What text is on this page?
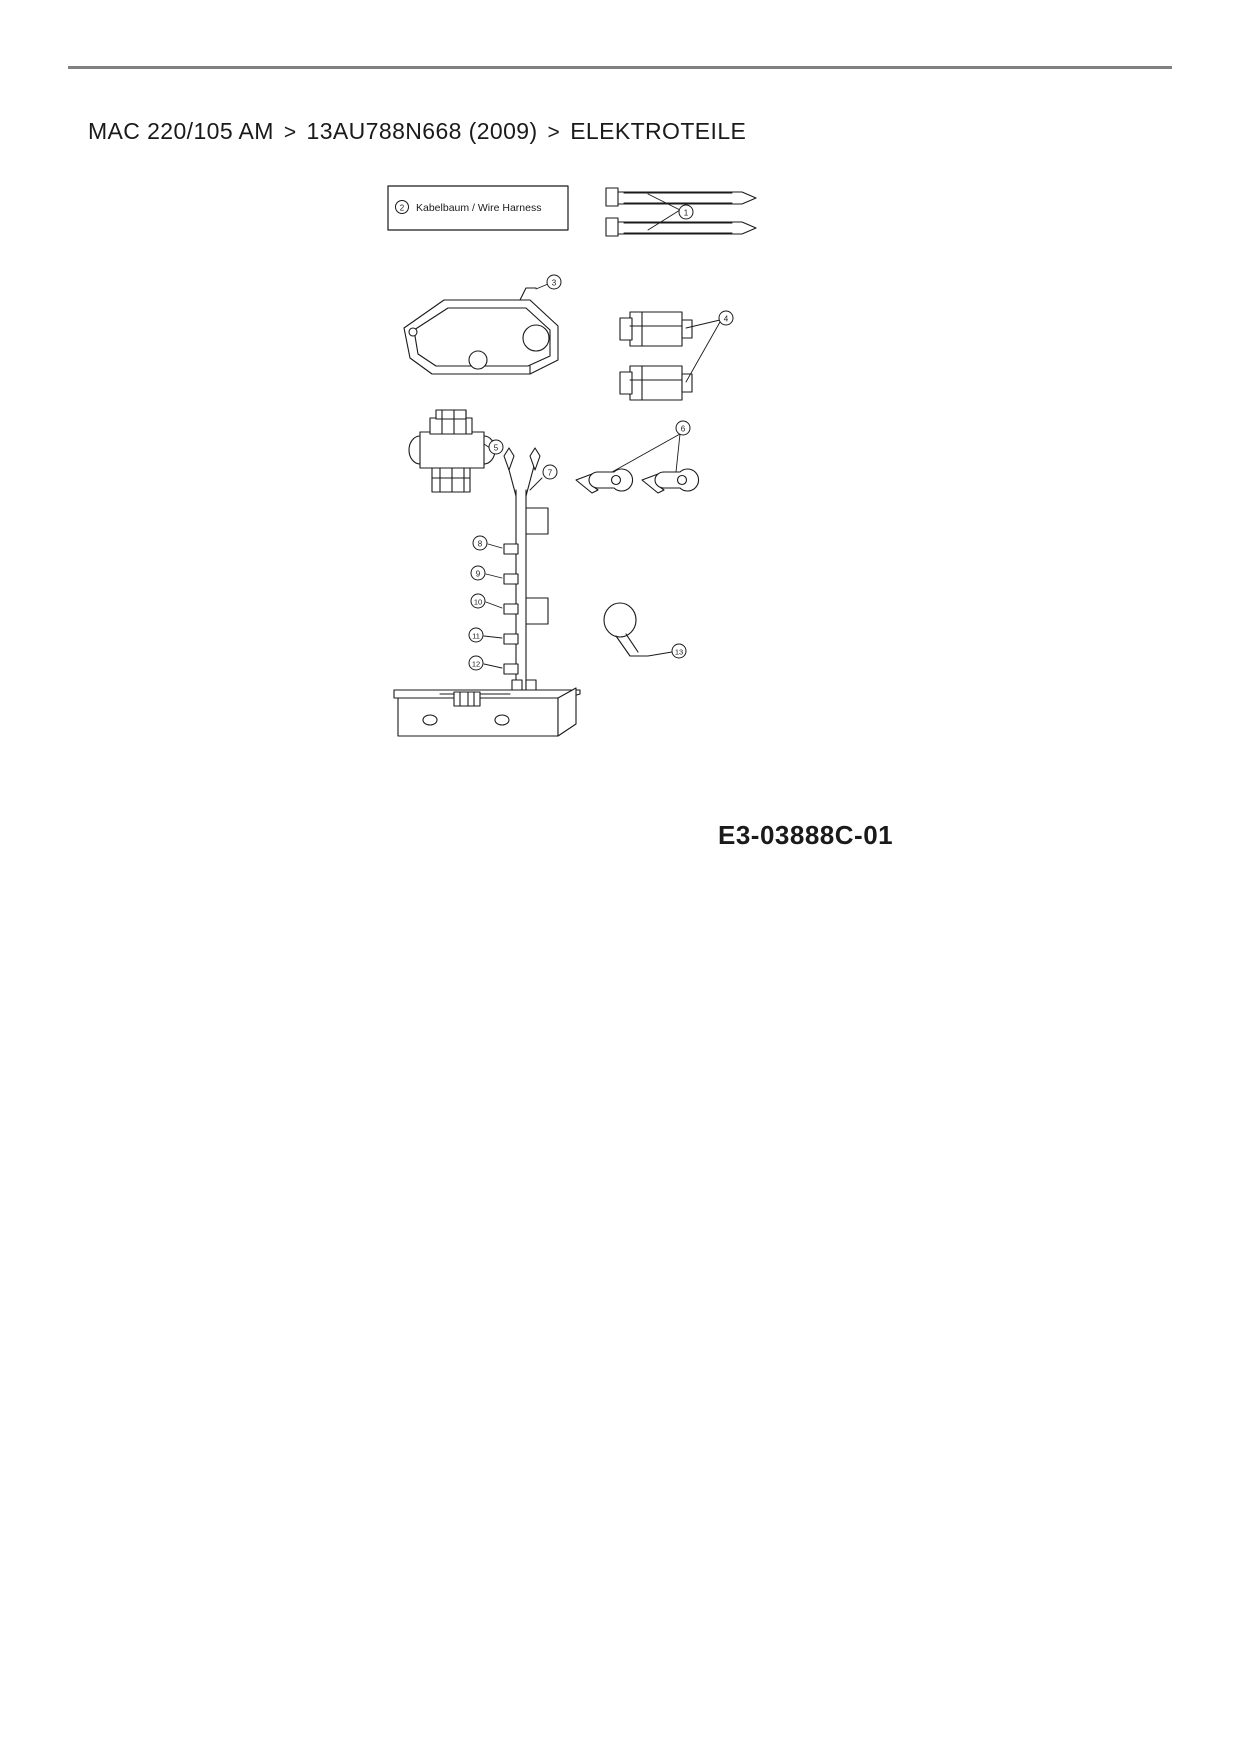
MAC 220/105 AM > 13AU788N668 (2009) > ELEKTROTEILE
2 Kabelbaum / Wire Harness	1
3
4
5
6
7
8
9
10
11
12
13
E3-03888C-01
